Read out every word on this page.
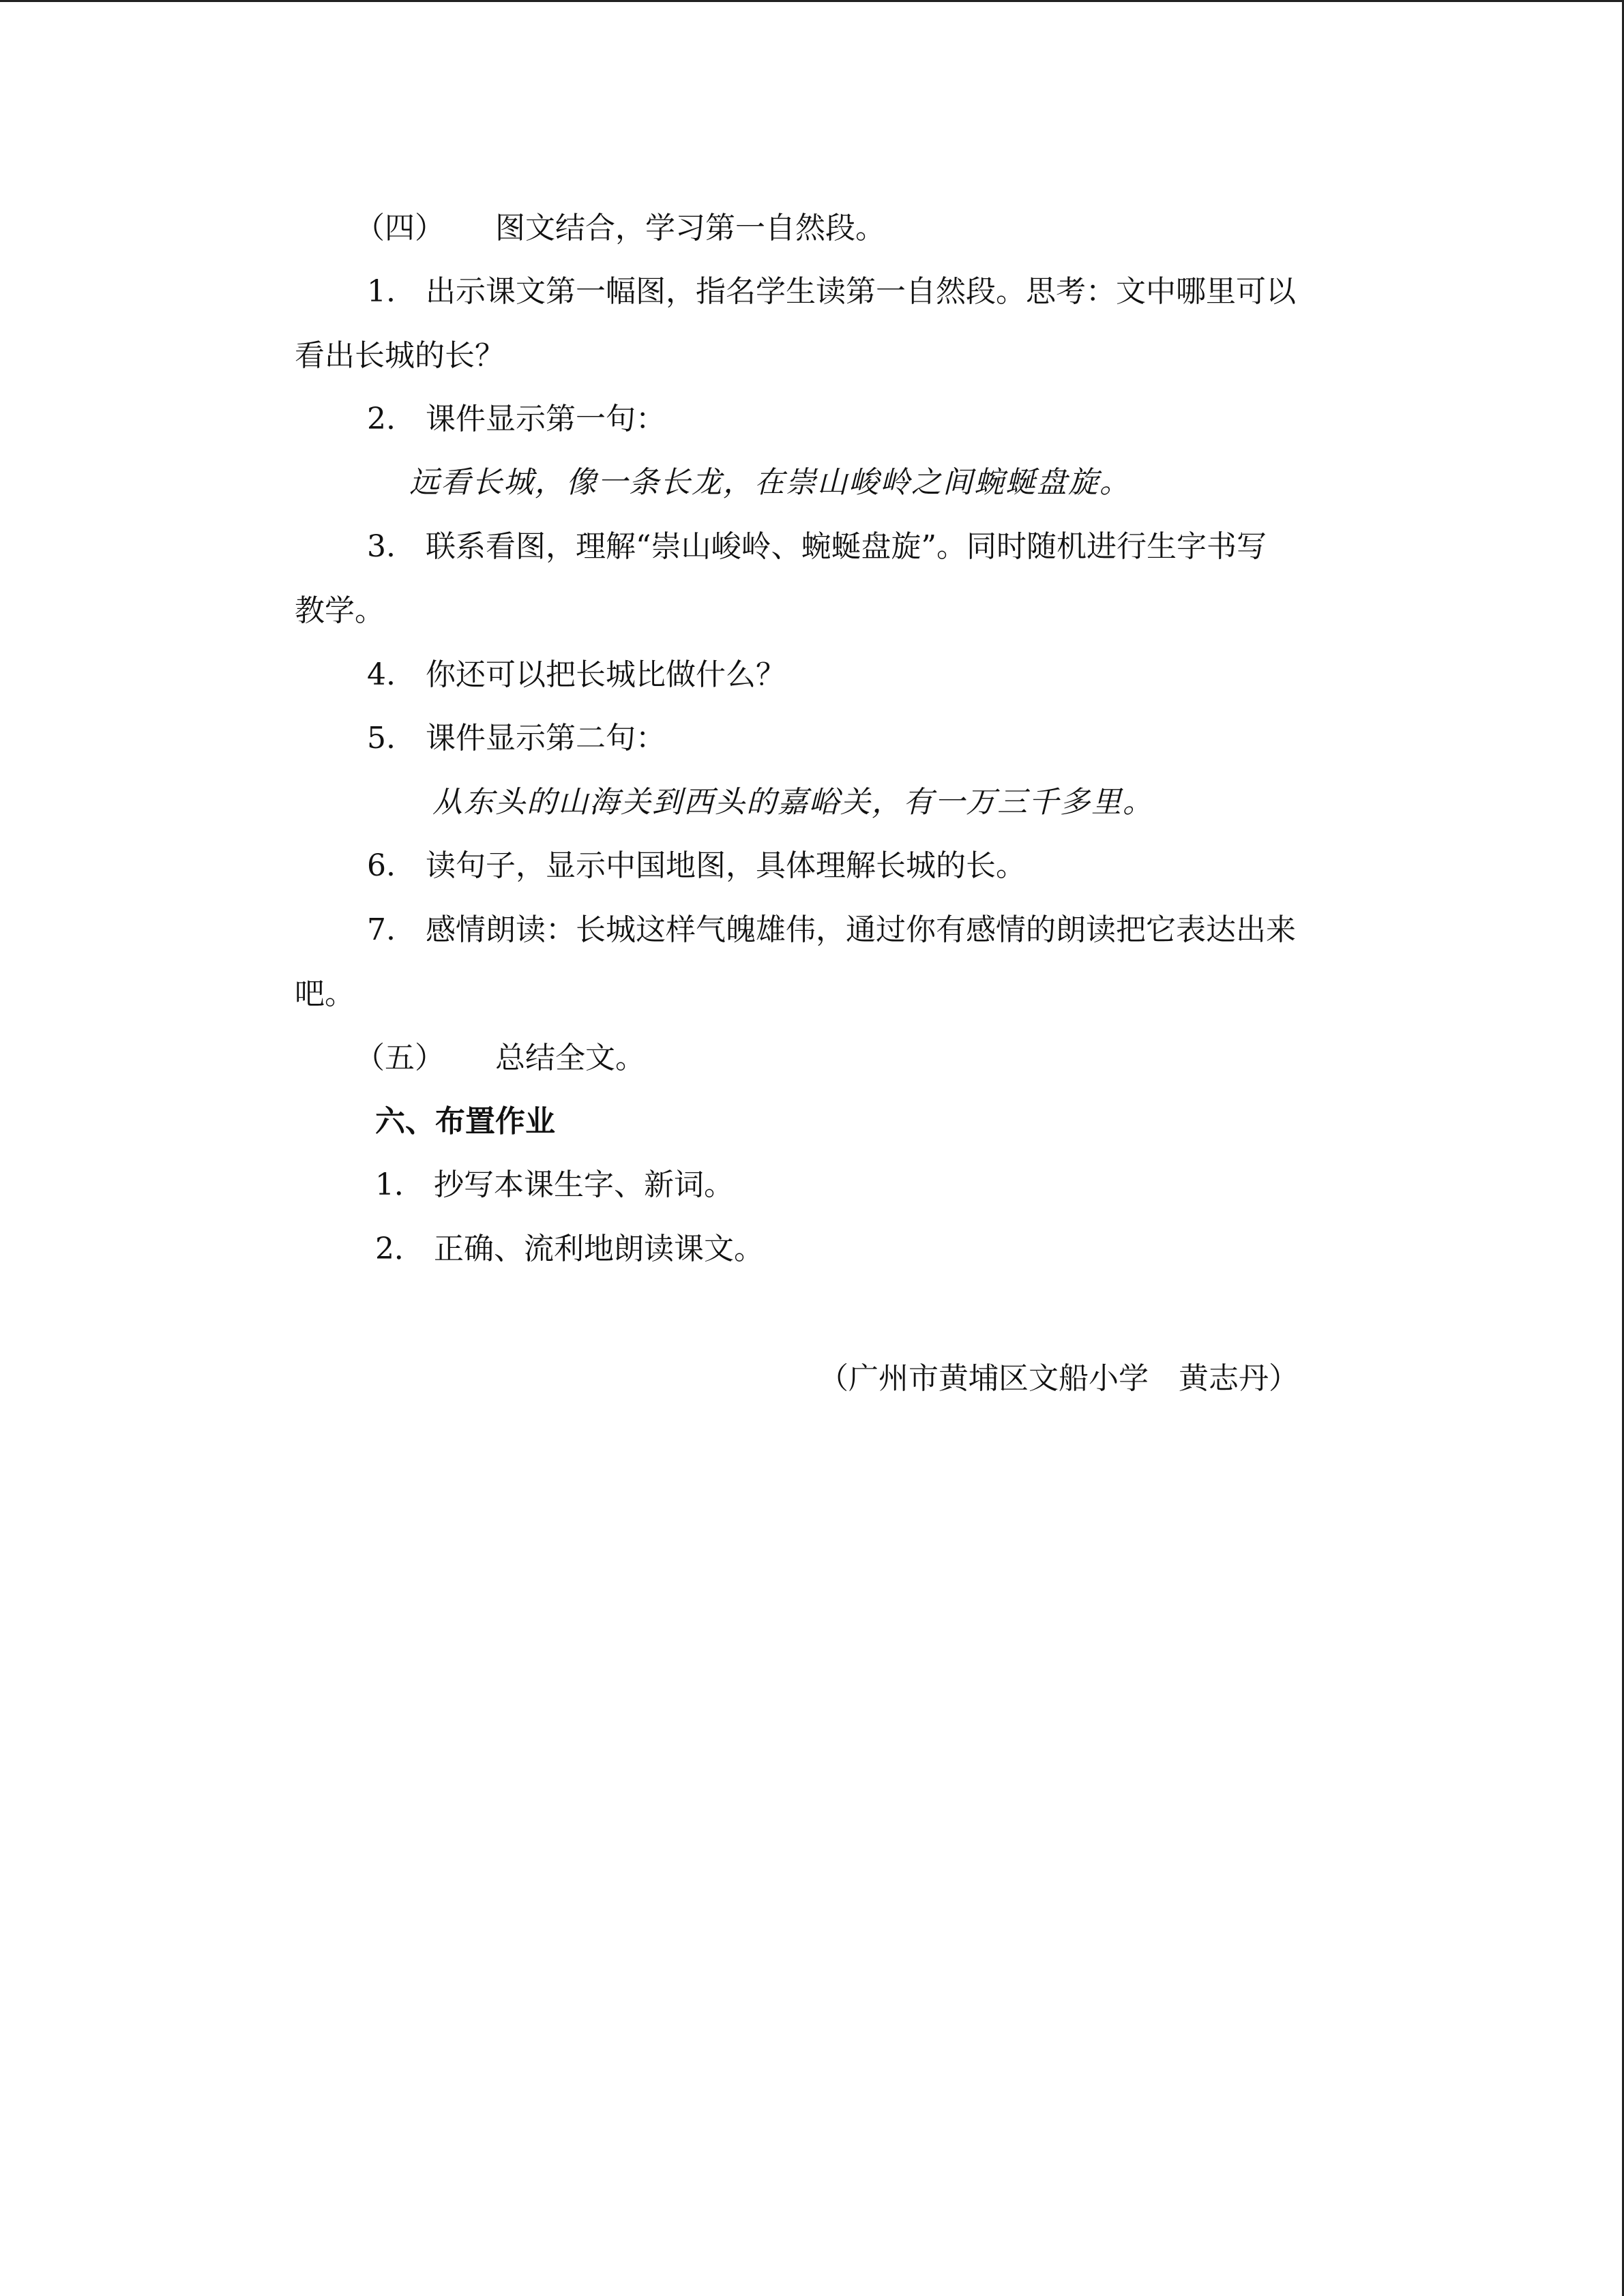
（四） 图文结合，学习第一自然段。
1. 出示课文第一幅图，指名学生读第一自然段。思考：文中哪里可以
看出长城的长？
2. 课件显示第一句：
远看长城，像一条长龙，在崇山峻岭之间蜿蜒盘旋。
3. 联系看图，理解“崇山峻岭、蜿蜒盘旋”。同时随机进行生字书写
教学。
4. 你还可以把长城比做什么？
5. 课件显示第二句：
从东头的山海关到西头的嘉峪关，有一万三千多里。
6. 读句子，显示中国地图，具体理解长城的长。
7. 感情朗读：长城这样气魄雄伟，通过你有感情的朗读把它表达出来
吧。
（五） 总结全文。
六、布置作业
1． 抄写本课生字、新词。
2． 正确、流利地朗读课文。
（广州市黄埔区文船小学　黄志丹）
